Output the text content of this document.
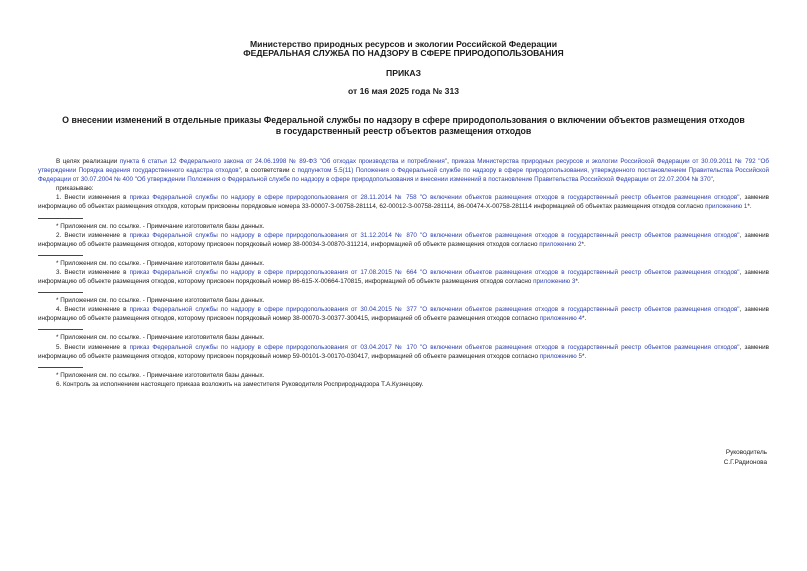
Министерство природных ресурсов и экологии Российской Федерации
ФЕДЕРАЛЬНАЯ СЛУЖБА ПО НАДЗОРУ В СФЕРЕ ПРИРОДОПОЛЬЗОВАНИЯ
ПРИКАЗ
от 16 мая 2025 года № 313
О внесении изменений в отдельные приказы Федеральной службы по надзору в сфере природопользования о включении объектов размещения отходов в государственный реестр объектов размещения отходов

В целях реализации пункта 6 статьи 12 Федерального закона от 24.06.1998 № 89-ФЗ "Об отходах производства и потребления", приказа Министерства природных ресурсов и экологии Российской Федерации от 30.09.2011 № 792 "Об утверждении Порядка ведения государственного кадастра отходов", в соответствии с подпунктом 5.5(11) Положения о Федеральной службе по надзору в сфере природопользования, утвержденного постановлением Правительства Российской Федерации от 30.07.2004 № 400 "Об утверждении Положения о Федеральной службе по надзору в сфере природопользования и внесении изменений в постановление Правительства Российской Федерации от 22.07.2004 № 370",

приказываю:

1. Внести изменения в приказ Федеральной службы по надзору в сфере природопользования от 28.11.2014 № 758 "О включении объектов размещения отходов в государственный реестр объектов размещения отходов", заменив информацию об объектах размещения отходов, которым присвоены порядковые номера 33-00007-З-00758-281114, 62-00012-З-00758-281114, 86-00474-Х-00758-281114 информацией об объектах размещения отходов согласно приложению 1*.

* Приложения см. по ссылке. - Примечание изготовителя базы данных.

2. Внести изменение в приказ Федеральной службы по надзору в сфере природопользования от 31.12.2014 № 870 "О включении объектов размещения отходов в государственный реестр объектов размещения отходов", заменив информацию об объекте размещения отходов, которому присвоен порядковый номер 38-00034-З-00870-311214, информацией об объекте размещения отходов согласно приложению 2*.

* Приложения см. по ссылке. - Примечание изготовителя базы данных.

3. Внести изменение в приказ Федеральной службы по надзору в сфере природопользования от 17.08.2015 № 664 "О включении объектов размещения отходов в государственный реестр объектов размещения отходов", заменив информацию об объекте размещения отходов, которому присвоен порядковый номер 86-615-Х-00664-170815, информацией об объекте размещения отходов согласно приложению 3*.

* Приложения см. по ссылке. - Примечание изготовителя базы данных.

4. Внести изменение в приказ Федеральной службы по надзору в сфере природопользования от 30.04.2015 № 377 "О включении объектов размещения отходов в государственный реестр объектов размещения отходов", заменив информацию об объекте размещения отходов, которому присвоен порядковый номер 38-00070-З-00377-300415, информацией об объекте размещения отходов согласно приложению 4*.

* Приложения см. по ссылке. - Примечание изготовителя базы данных.

5. Внести изменение в приказ Федеральной службы по надзору в сфере природопользования от 03.04.2017 № 170 "О включении объектов размещения отходов в государственный реестр объектов размещения отходов", заменив информацию об объекте размещения отходов, которому присвоен порядковый номер 59-00101-З-00170-030417, информацией об объекте размещения отходов согласно приложению 5*.

* Приложения см. по ссылке. - Примечание изготовителя базы данных.

6. Контроль за исполнением настоящего приказа возложить на заместителя Руководителя Росприроднадзора Т.А.Кузнецову.

Руководитель
С.Г.Радионова
